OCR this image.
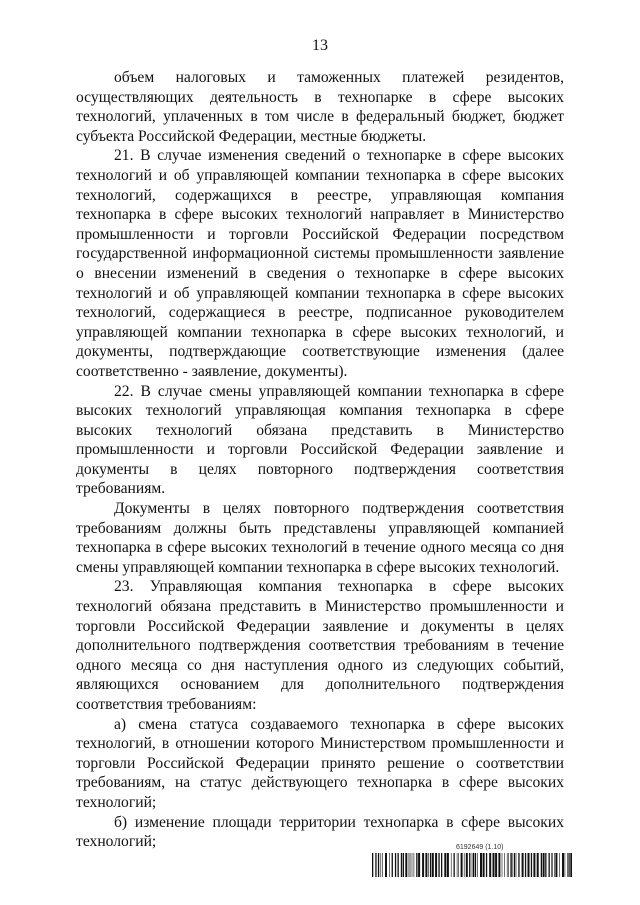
13

объем налоговых и таможенных платежей резидентов, осуществляющих деятельность в технопарке в сфере высоких технологий, уплаченных в том числе в федеральный бюджет, бюджет субъекта Российской Федерации, местные бюджеты.

21. В случае изменения сведений о технопарке в сфере высоких технологий и об управляющей компании технопарка в сфере высоких технологий, содержащихся в реестре, управляющая компания технопарка в сфере высоких технологий направляет в Министерство промышленности и торговли Российской Федерации посредством государственной информационной системы промышленности заявление о внесении изменений в сведения о технопарке в сфере высоких технологий и об управляющей компании технопарка в сфере высоких технологий, содержащиеся в реестре, подписанное руководителем управляющей компании технопарка в сфере высоких технологий, и документы, подтверждающие соответствующие изменения (далее соответственно - заявление, документы).

22. В случае смены управляющей компании технопарка в сфере высоких технологий управляющая компания технопарка в сфере высоких технологий обязана представить в Министерство промышленности и торговли Российской Федерации заявление и документы в целях повторного подтверждения соответствия требованиям.

Документы в целях повторного подтверждения соответствия требованиям должны быть представлены управляющей компанией технопарка в сфере высоких технологий в течение одного месяца со дня смены управляющей компании технопарка в сфере высоких технологий.

23. Управляющая компания технопарка в сфере высоких технологий обязана представить в Министерство промышленности и торговли Российской Федерации заявление и документы в целях дополнительного подтверждения соответствия требованиям в течение одного месяца со дня наступления одного из следующих событий, являющихся основанием для дополнительного подтверждения соответствия требованиям:

а) смена статуса создаваемого технопарка в сфере высоких технологий, в отношении которого Министерством промышленности и торговли Российской Федерации принято решение о соответствии требованиям, на статус действующего технопарка в сфере высоких технологий;

б) изменение площади территории технопарка в сфере высоких технологий;	6192649 (1.10)
